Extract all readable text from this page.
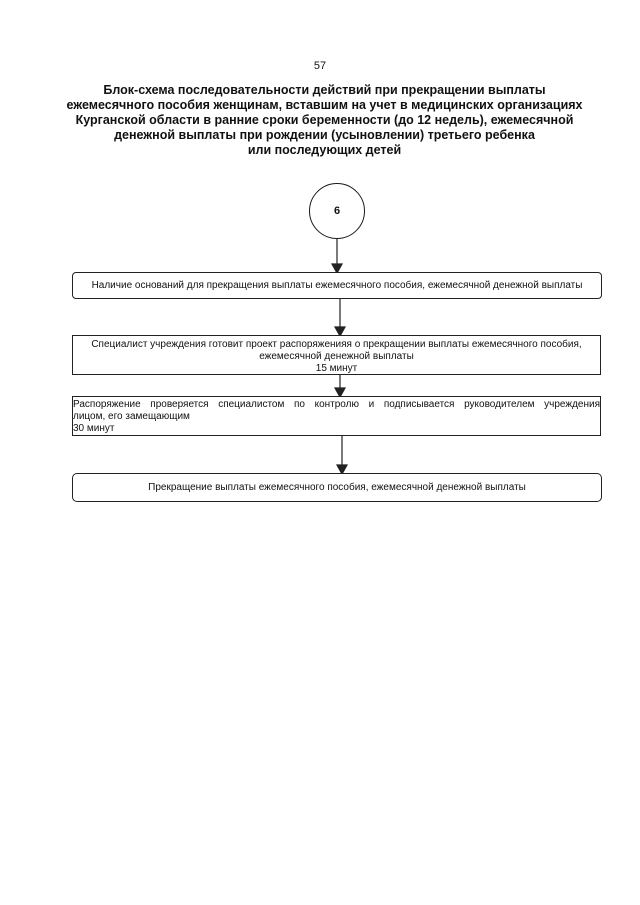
57
Блок-схема последовательности действий при прекращении выплаты
ежемесячного пособия женщинам, вставшим на учет в медицинских организациях
Курганской области в ранние сроки беременности (до 12 недель), ежемесячной
денежной выплаты при рождении (усыновлении) третьего ребенка
или последующих детей
6
Наличие оснований для прекращения выплаты ежемесячного пособия, ежемесячной денежной выплаты
Специалист учреждения готовит проект распоряженияя о прекращении выплаты ежемесячного пособия,
ежемесячной денежной выплаты
15 минут
Распоряжение проверяется специалистом по контролю и подписывается руководителем учреждения
лицом, его замещающим
30 минут
Прекращение выплаты ежемесячного пособия, ежемесячной денежной выплаты
